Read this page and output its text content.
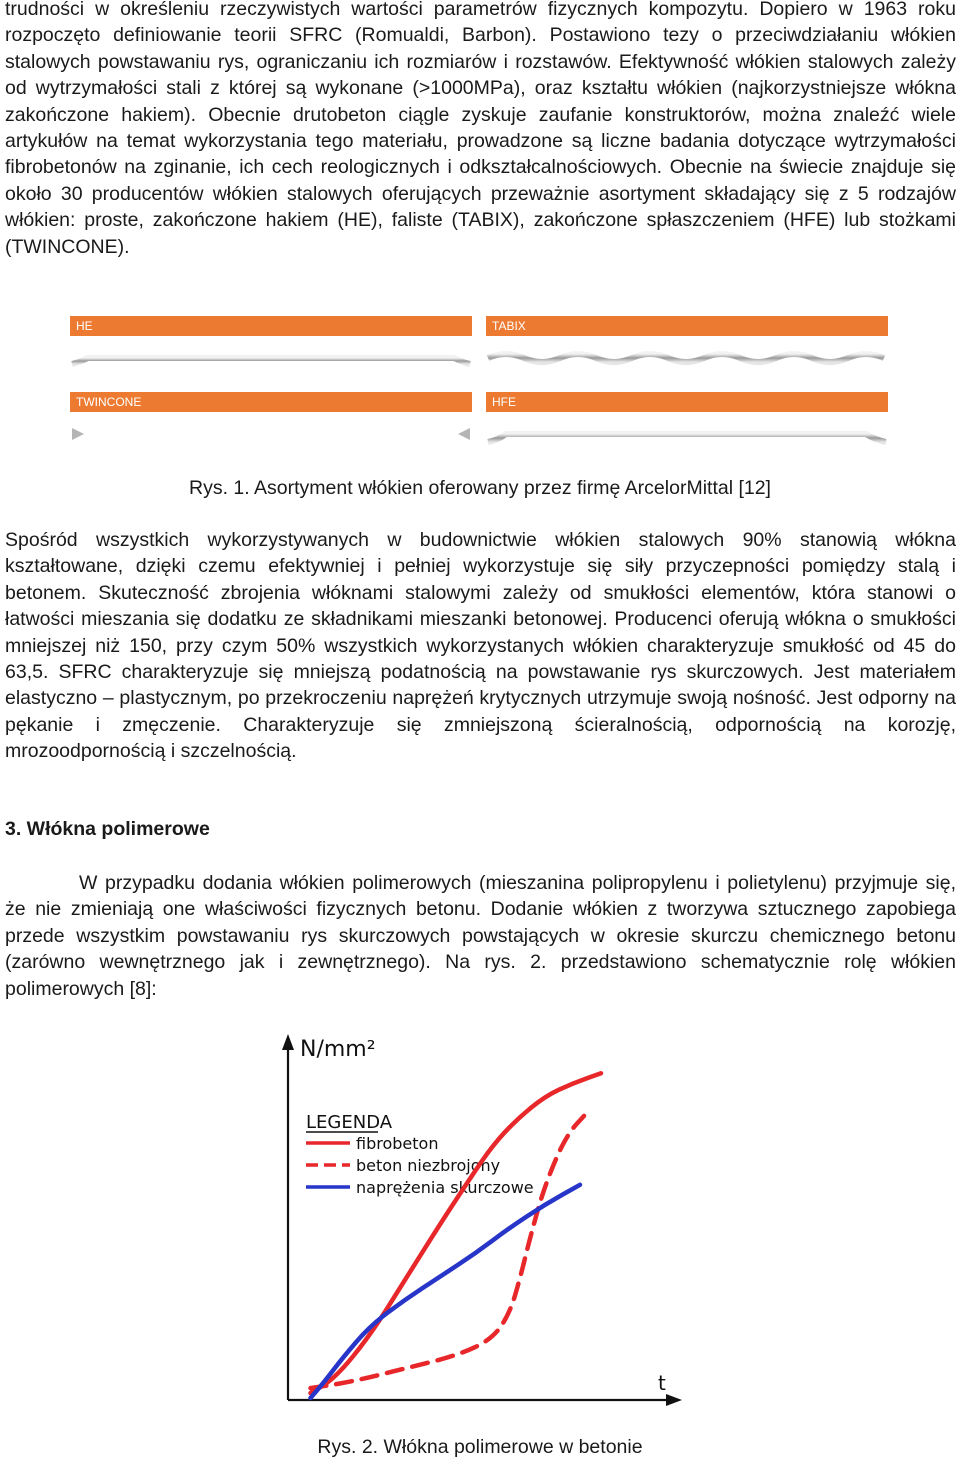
trudności w określeniu rzeczywistych wartości parametrów fizycznych kompozytu. Dopiero w 1963 roku rozpoczęto definiowanie teorii SFRC (Romualdi, Barbon). Postawiono tezy o przeciwdziałaniu włókien stalowych powstawaniu rys, ograniczaniu ich rozmiarów i rozstawów. Efektywność włókien stalowych zależy od wytrzymałości stali z której są wykonane (>1000MPa), oraz kształtu włókien (najkorzystniejsze włókna zakończone hakiem). Obecnie drutobeton ciągle zyskuje zaufanie konstruktorów, można znaleźć wiele artykułów na temat wykorzystania tego materiału, prowadzone są liczne badania dotyczące wytrzymałości fibrobetonów na zginanie, ich cech reologicznych i odkształcalnościowych. Obecnie na świecie znajduje się około 30 producentów włókien stalowych oferujących przeważnie asortyment składający się z 5 rodzajów włókien: proste, zakończone hakiem (HE), faliste (TABIX), zakończone spłaszczeniem (HFE) lub stożkami (TWINCONE).

HE	TABIX
TWINCONE	HFE
Rys. 1. Asortyment włókien oferowany przez firmę ArcelorMittal [12]

Spośród wszystkich wykorzystywanych w budownictwie włókien stalowych 90% stanowią włókna kształtowane, dzięki czemu efektywniej i pełniej wykorzystuje się siły przyczepności pomiędzy stalą i betonem. Skuteczność zbrojenia włóknami stalowymi zależy od smukłości elementów, która stanowi o łatwości mieszania się dodatku ze składnikami mieszanki betonowej. Producenci oferują włókna o smukłości mniejszej niż 150, przy czym 50% wszystkich wykorzystanych włókien charakteryzuje smukłość od 45 do 63,5. SFRC charakteryzuje się mniejszą podatnością na powstawanie rys skurczowych. Jest materiałem elastyczno – plastycznym, po przekroczeniu naprężeń krytycznych utrzymuje swoją nośność. Jest odporny na pękanie i zmęczenie. Charakteryzuje się zmniejszoną ścieralnością, odpornością na korozję, mrozoodpornością i szczelnością.

3. Włókna polimerowe

W przypadku dodania włókien polimerowych (mieszanina polipropylenu i polietylenu) przyjmuje się, że nie zmieniają one właściwości fizycznych betonu. Dodanie włókien z tworzywa sztucznego zapobiega przede wszystkim powstawaniu rys skurczowych powstających w okresie skurczu chemicznego betonu (zarówno wewnętrznego jak i zewnętrznego). Na rys. 2. przedstawiono schematycznie rolę włókien polimerowych [8]:

N/mm²
t
LEGENDA
fibrobeton
beton niezbrojony
naprężenia skurczowe
Rys. 2. Włókna polimerowe w betonie
